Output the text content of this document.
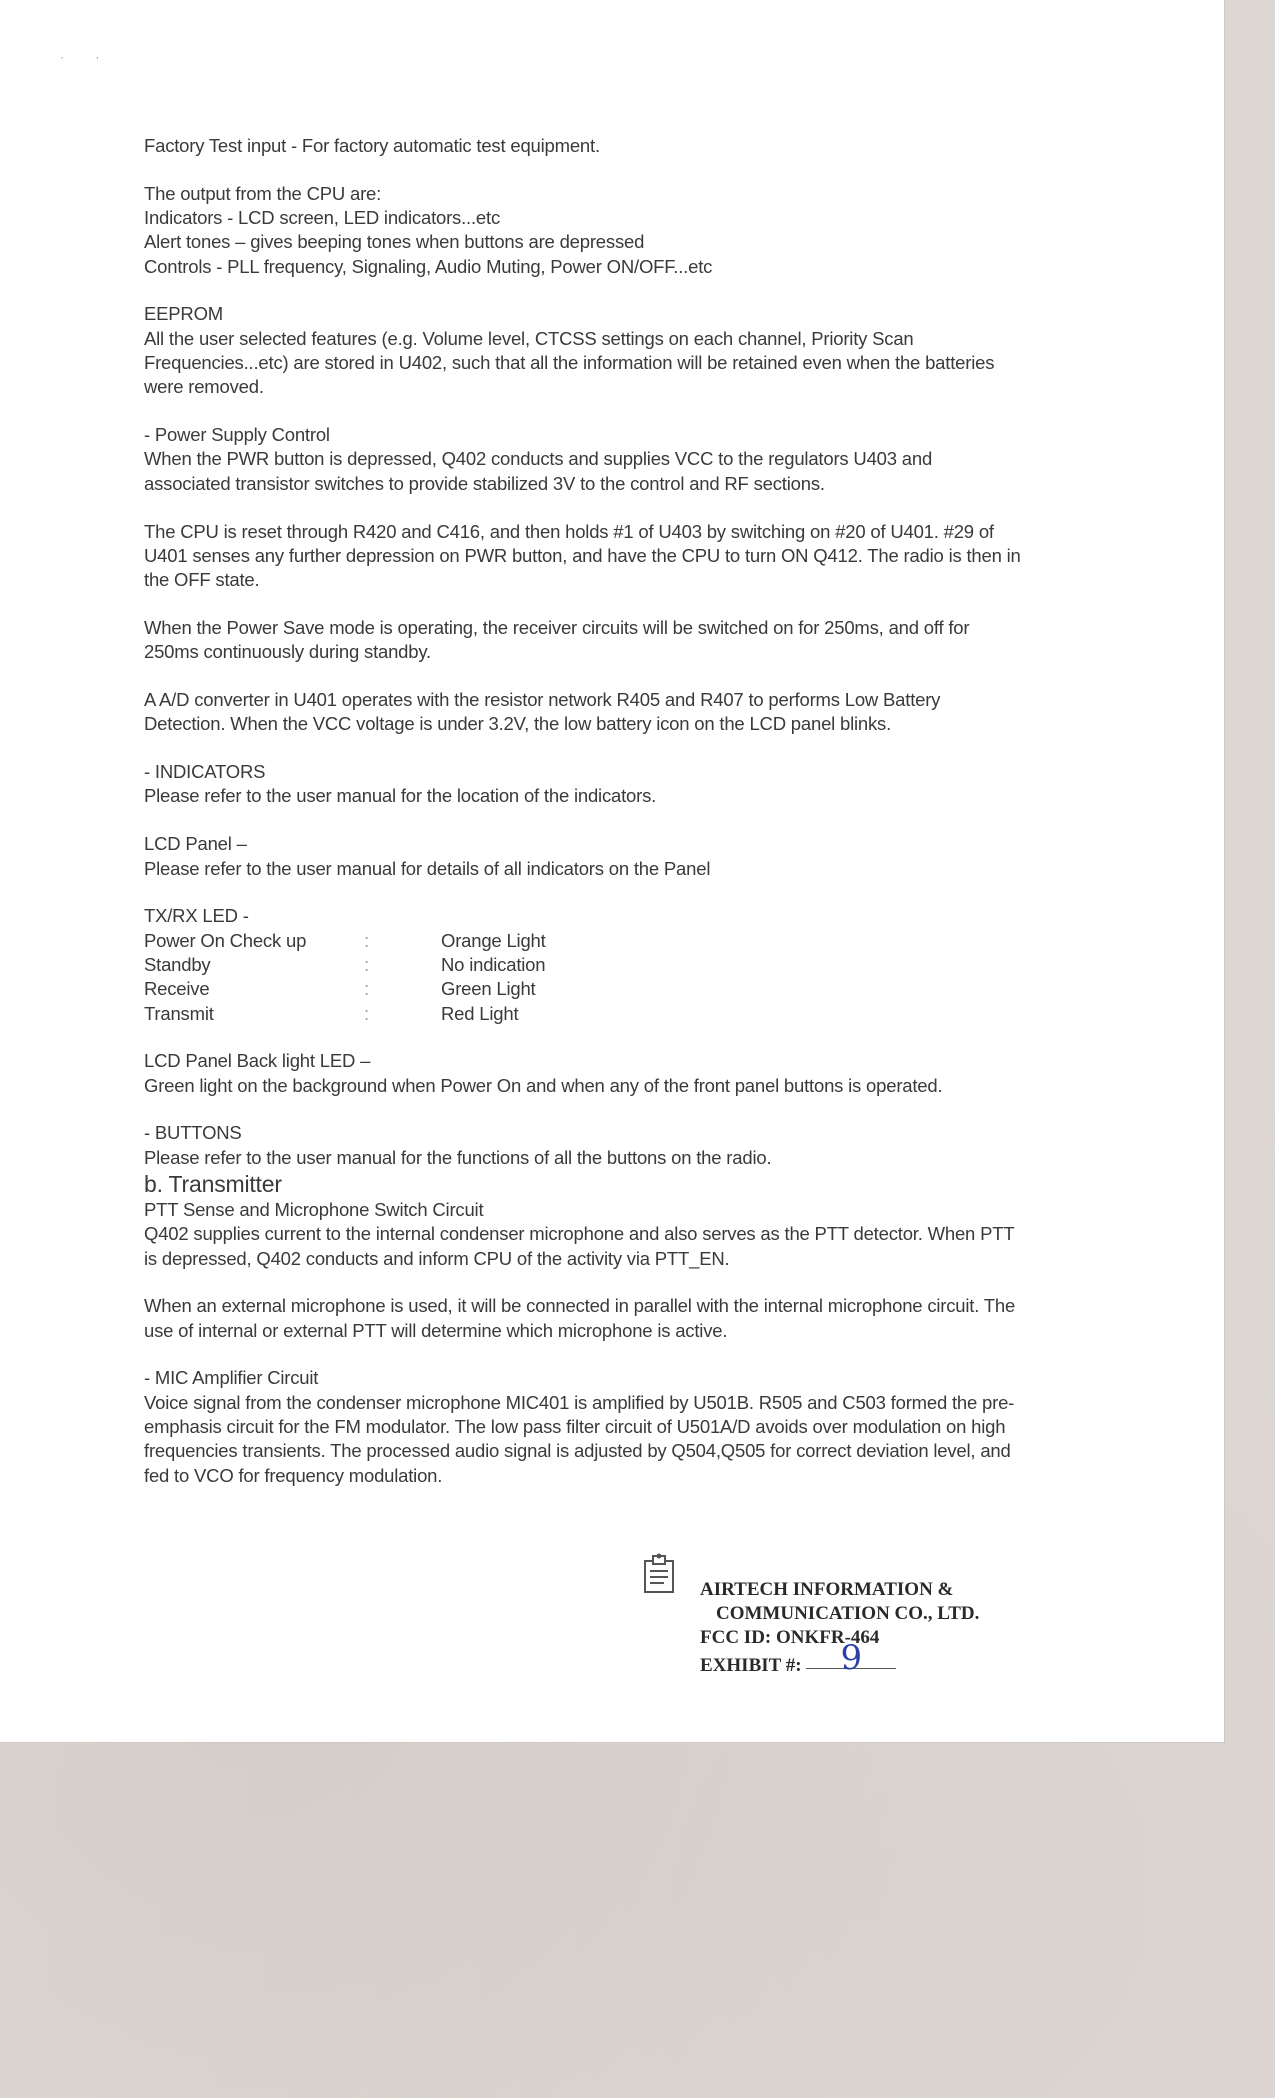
· ·

Factory Test input - For factory automatic test equipment.

The output from the CPU are:

Indicators - LCD screen, LED indicators...etc

Alert tones – gives beeping tones when buttons are depressed

Controls - PLL frequency, Signaling, Audio Muting, Power ON/OFF...etc

EEPROM

All the user selected features (e.g. Volume level, CTCSS settings on each channel, Priority Scan

Frequencies...etc) are stored in U402, such that all the information will be retained even when the batteries

were removed.

- Power Supply Control

When the PWR button is depressed, Q402 conducts and supplies VCC to the regulators U403 and

associated transistor switches to provide stabilized 3V to the control and RF sections.

The CPU is reset through R420 and C416, and then holds #1 of U403 by switching on #20 of U401. #29 of

U401 senses any further depression on PWR button, and have the CPU to turn ON Q412. The radio is then in

the OFF state.

When the Power Save mode is operating, the receiver circuits will be switched on for 250ms, and off for

250ms continuously during standby.

A A/D converter in U401 operates with the resistor network R405 and R407 to performs Low Battery

Detection. When the VCC voltage is under 3.2V, the low battery icon on the LCD panel blinks.

- INDICATORS

Please refer to the user manual for the location of the indicators.

LCD Panel –

Please refer to the user manual for details of all indicators on the Panel

TX/RX LED -

Power On Check up	:	Orange Light
Standby	:	No indication
Receive	:	Green Light
Transmit	:	Red Light

LCD Panel Back light LED –

Green light on the background when Power On and when any of the front panel buttons is operated.

- BUTTONS

Please refer to the user manual for the functions of all the buttons on the radio.

b. Transmitter

PTT Sense and Microphone Switch Circuit

Q402 supplies current to the internal condenser microphone and also serves as the PTT detector. When PTT

is depressed, Q402 conducts and inform CPU of the activity via PTT_EN.

When an external microphone is used, it will be connected in parallel with the internal microphone circuit. The

use of internal or external PTT will determine which microphone is active.

- MIC Amplifier Circuit

Voice signal from the condenser microphone MIC401 is amplified by U501B. R505 and C503 formed the pre-

emphasis circuit for the FM modulator. The low pass filter circuit of U501A/D avoids over modulation on high

frequencies transients. The processed audio signal is adjusted by Q504,Q505 for correct deviation level, and

fed to VCO for frequency modulation.

AIRTECH INFORMATION &
COMMUNICATION CO., LTD.
FCC ID: ONKFR-464
EXHIBIT #: 9
